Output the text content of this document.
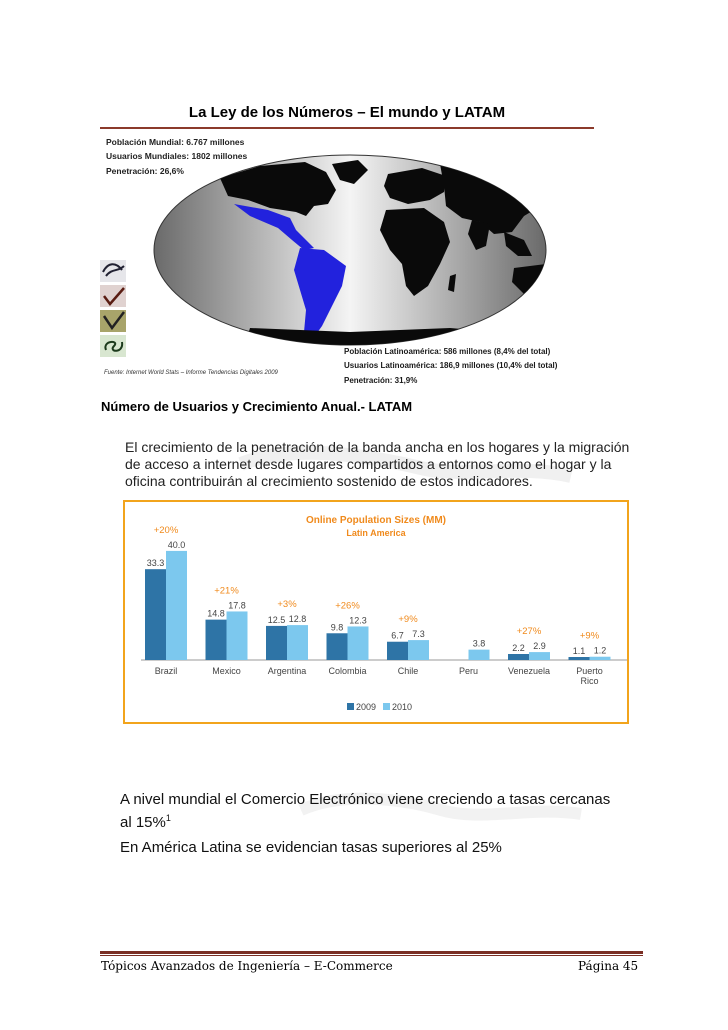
La Ley de los Números – El mundo y LATAM
Población Mundial: 6.767 millones
Usuarios Mundiales: 1802 millones
Penetración: 26,6%
Fuente: Internet World Stats – Informe Tendencias Digitales 2009
Población Latinoamérica: 586 millones (8,4% del total)
Usuarios Latinoamérica: 186,9 millones (10,4% del total)
Penetración: 31,9%
Número de Usuarios y Crecimiento Anual.- LATAM
El crecimiento de la penetración de la banda ancha en los hogares y la migración
de acceso a internet desde lugares compartidos a entornos como el hogar y la
oficina contribuirán al crecimiento sostenido de estos indicadores.
Online Population Sizes (MM)
Latin America
33.3
40.0
+20%
Brazil
14.8
17.8
+21%
Mexico
12.5 12.8
+3%
Argentina
9.8
12.3
+26%
Colombia
6.7 7.3
+9%
Chile
3.8
Peru
2.2 2.9
+27%
Venezuela
1.1 1.2
+9%
Puerto
Rico
2009 2010
A nivel mundial el Comercio Electrónico viene creciendo a tasas cercanas
al 15%$^1$
En América Latina se evidencian tasas superiores al 25%
Tópicos Avanzados de Ingeniería – E-Commerce	Página 45
